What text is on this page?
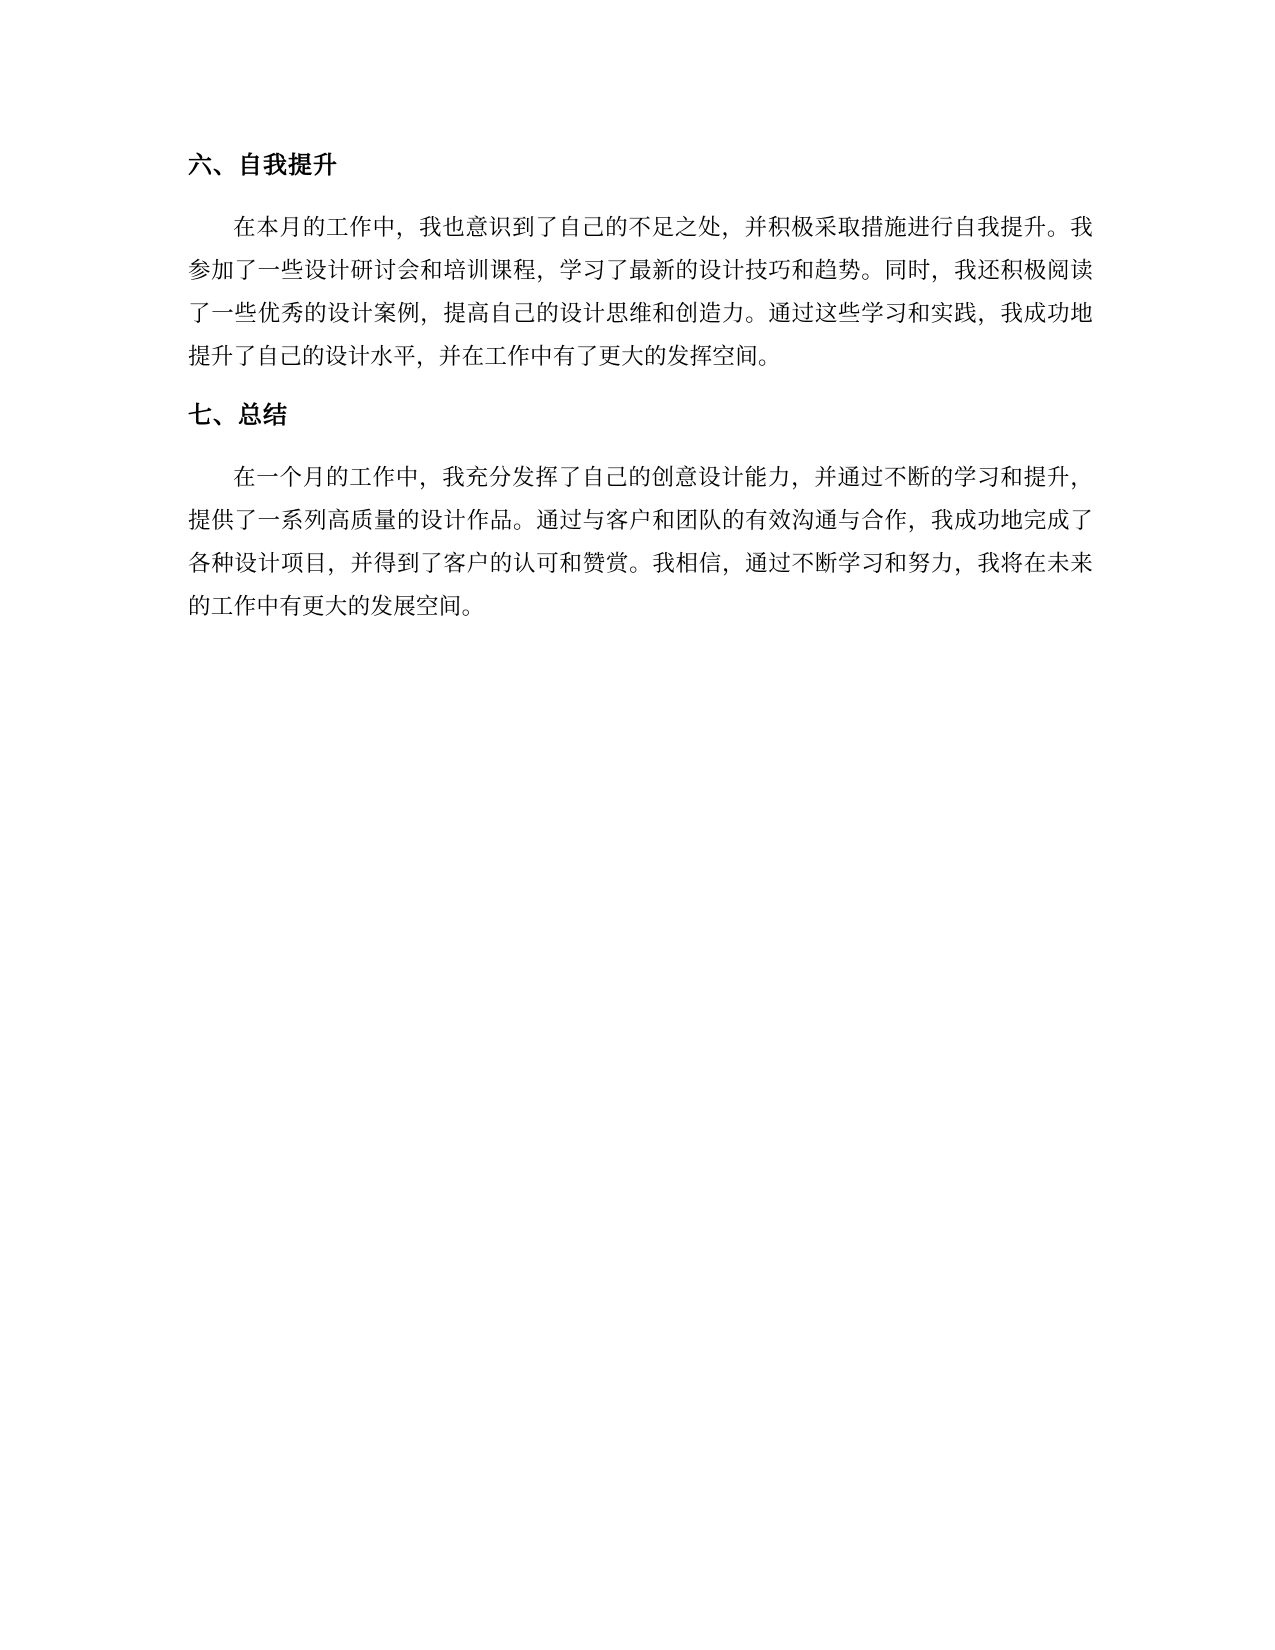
六、自我提升

在本月的工作中，我也意识到了自己的不足之处，并积极采取措施进行自我提升。我参加了一些设计研讨会和培训课程，学习了最新的设计技巧和趋势。同时，我还积极阅读了一些优秀的设计案例，提高自己的设计思维和创造力。通过这些学习和实践，我成功地提升了自己的设计水平，并在工作中有了更大的发挥空间。

七、总结

在一个月的工作中，我充分发挥了自己的创意设计能力，并通过不断的学习和提升，提供了一系列高质量的设计作品。通过与客户和团队的有效沟通与合作，我成功地完成了各种设计项目，并得到了客户的认可和赞赏。我相信，通过不断学习和努力，我将在未来的工作中有更大的发展空间。
